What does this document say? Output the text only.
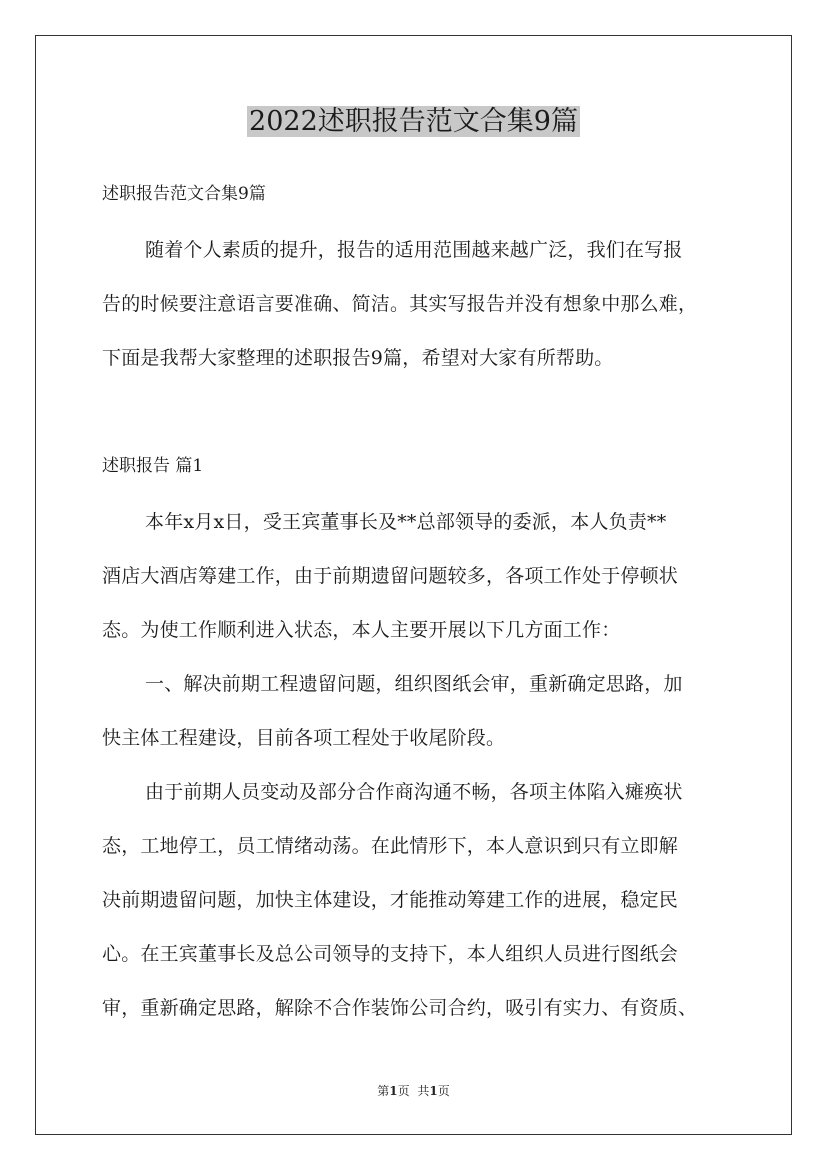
2022述职报告范文合集9篇
述职报告范文合集9篇
随着个人素质的提升，报告的适用范围越来越广泛，我们在写报
告的时候要注意语言要准确、简洁。其实写报告并没有想象中那么难，
下面是我帮大家整理的述职报告9篇，希望对大家有所帮助。
述职报告 篇1
本年x月x日，受王宾董事长及**总部领导的委派，本人负责**
酒店大酒店筹建工作，由于前期遗留问题较多，各项工作处于停顿状
态。为使工作顺利进入状态，本人主要开展以下几方面工作：
一、解决前期工程遗留问题，组织图纸会审，重新确定思路，加
快主体工程建设，目前各项工程处于收尾阶段。
由于前期人员变动及部分合作商沟通不畅，各项主体陷入瘫痪状
态，工地停工，员工情绪动荡。在此情形下，本人意识到只有立即解
决前期遗留问题，加快主体建设，才能推动筹建工作的进展，稳定民
心。在王宾董事长及总公司领导的支持下，本人组织人员进行图纸会
审，重新确定思路，解除不合作装饰公司合约，吸引有实力、有资质、
第1页 共1页
